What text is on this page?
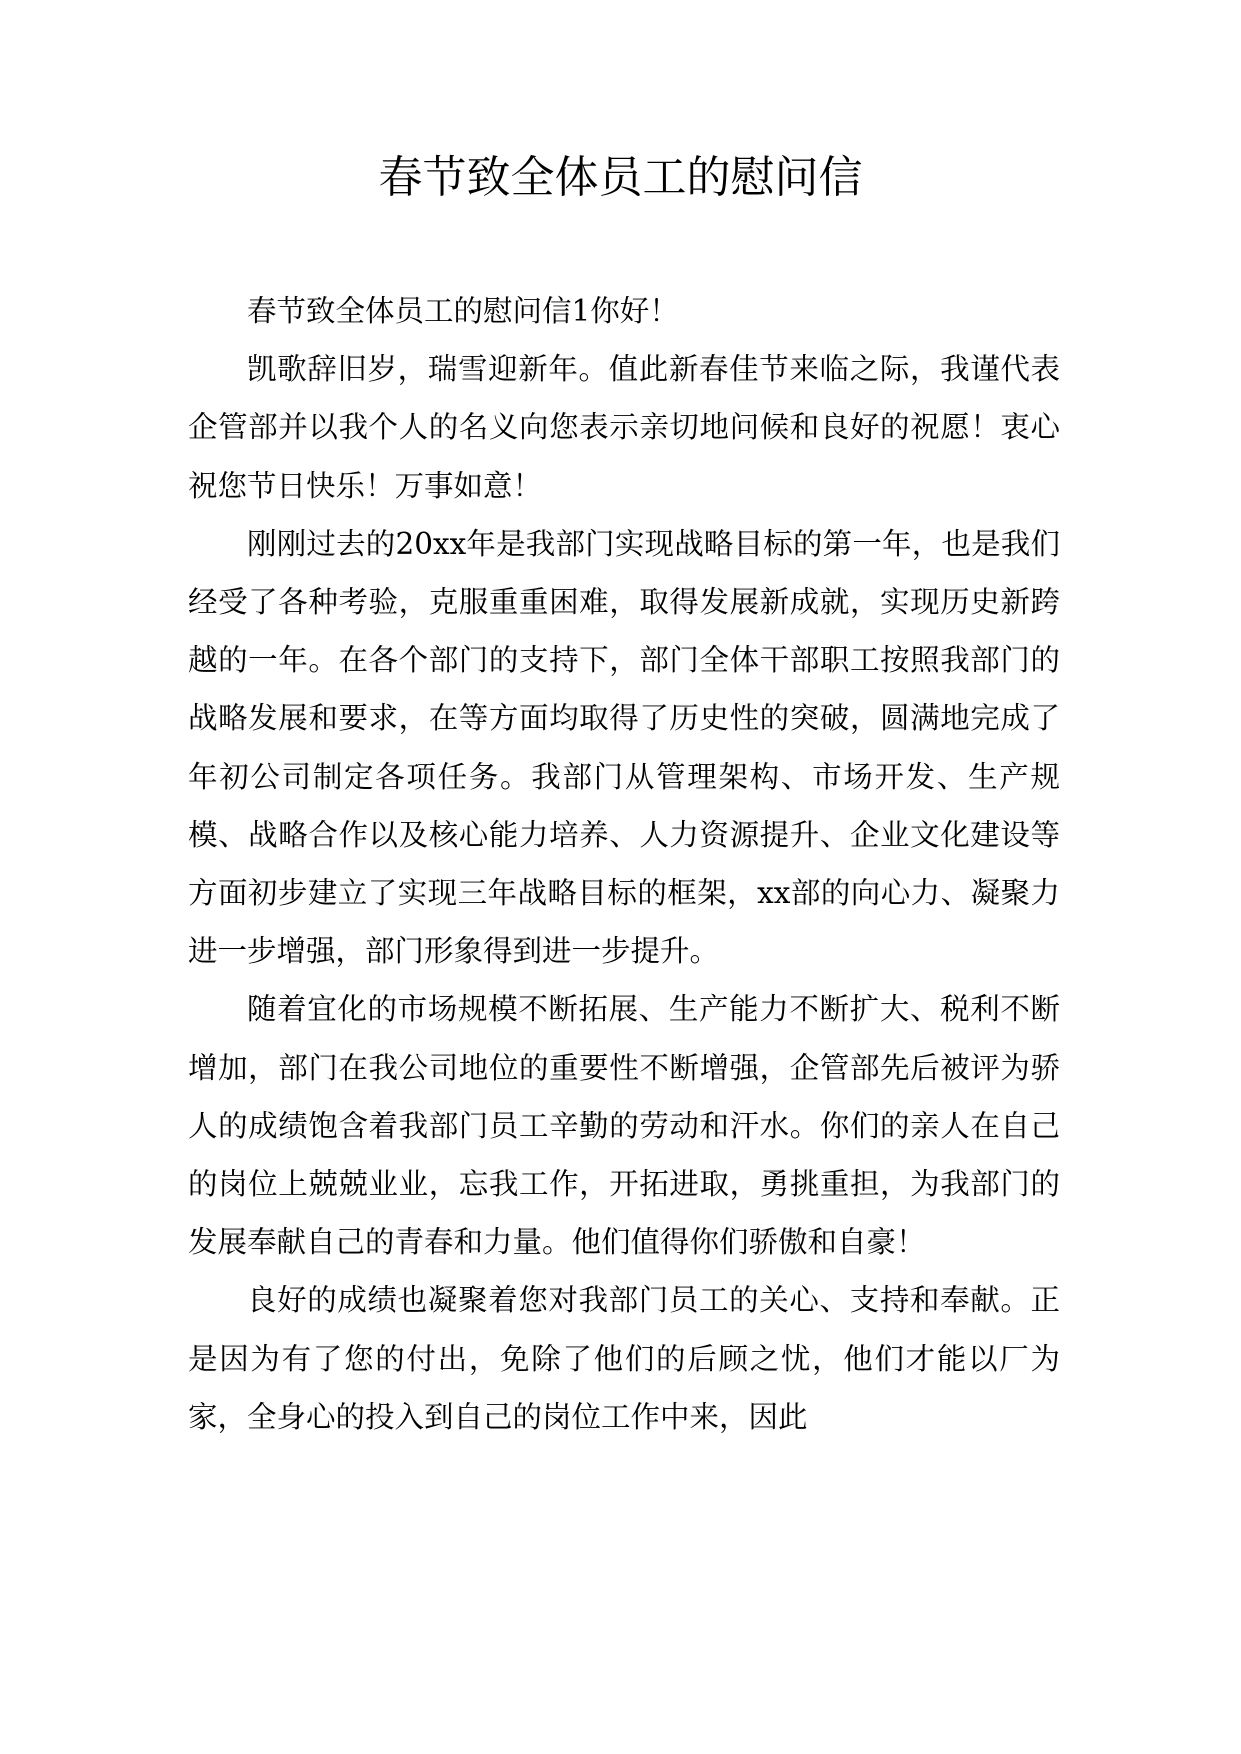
春节致全体员工的慰问信

春节致全体员工的慰问信1你好！

凯歌辞旧岁，瑞雪迎新年。值此新春佳节来临之际，我谨代表企管部并以我个人的名义向您表示亲切地问候和良好的祝愿！衷心祝您节日快乐！万事如意！

刚刚过去的20xx年是我部门实现战略目标的第一年，也是我们经受了各种考验，克服重重困难，取得发展新成就，实现历史新跨越的一年。在各个部门的支持下，部门全体干部职工按照我部门的战略发展和要求，在等方面均取得了历史性的突破，圆满地完成了年初公司制定各项任务。我部门从管理架构、市场开发、生产规模、战略合作以及核心能力培养、人力资源提升、企业文化建设等方面初步建立了实现三年战略目标的框架，xx部的向心力、凝聚力进一步增强，部门形象得到进一步提升。

随着宜化的市场规模不断拓展、生产能力不断扩大、税利不断增加，部门在我公司地位的重要性不断增强，企管部先后被评为骄人的成绩饱含着我部门员工辛勤的劳动和汗水。你们的亲人在自己的岗位上兢兢业业，忘我工作，开拓进取，勇挑重担，为我部门的发展奉献自己的青春和力量。他们值得你们骄傲和自豪！

良好的成绩也凝聚着您对我部门员工的关心、支持和奉献。正是因为有了您的付出，免除了他们的后顾之忧，他们才能以厂为家，全身心的投入到自己的岗位工作中来，因此
